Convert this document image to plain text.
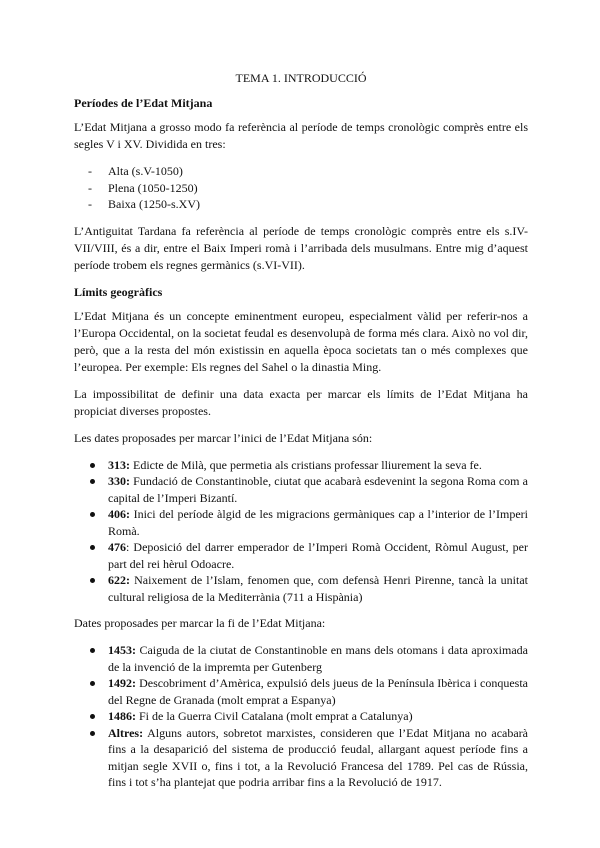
TEMA 1. INTRODUCCIÓ
Períodes de l’Edat Mitjana

L’Edat Mitjana a grosso modo fa referència al període de temps cronològic comprès entre els segles V i XV. Dividida en tres:

- Alta (s.V-1050)
- Plena (1050-1250)
- Baixa (1250-s.XV)

L’Antiguitat Tardana fa referència al període de temps cronològic comprès entre els s.IV-VII/VIII, és a dir, entre el Baix Imperi romà i l’arribada dels musulmans. Entre mig d’aquest període trobem els regnes germànics (s.VI-VII).

Límits geogràfics

L’Edat Mitjana és un concepte eminentment europeu, especialment vàlid per referir-nos a l’Europa Occidental, on la societat feudal es desenvolupà de forma més clara. Això no vol dir, però, que a la resta del món existissin en aquella època societats tan o més complexes que l’europea. Per exemple: Els regnes del Sahel o la dinastia Ming.

La impossibilitat de definir una data exacta per marcar els límits de l’Edat Mitjana ha propiciat diverses propostes.

Les dates proposades per marcar l’inici de l’Edat Mitjana són:

313: Edicte de Milà, que permetia als cristians professar lliurement la seva fe.
330: Fundació de Constantinoble, ciutat que acabarà esdevenint la segona Roma com a capital de l’Imperi Bizantí.
406: Inici del període àlgid de les migracions germàniques cap a l’interior de l’Imperi Romà.
476: Deposició del darrer emperador de l’Imperi Romà Occident, Ròmul August, per part del rei hèrul Odoacre.
622: Naixement de l’Islam, fenomen que, com defensà Henri Pirenne, tancà la unitat cultural religiosa de la Mediterrània (711 a Hispània)

Dates proposades per marcar la fi de l’Edat Mitjana:

1453: Caiguda de la ciutat de Constantinoble en mans dels otomans i data aproximada de la invenció de la impremta per Gutenberg
1492: Descobriment d’Amèrica, expulsió dels jueus de la Península Ibèrica i conquesta del Regne de Granada (molt emprat a Espanya)
1486: Fi de la Guerra Civil Catalana (molt emprat a Catalunya)
Altres: Alguns autors, sobretot marxistes, consideren que l’Edat Mitjana no acabarà fins a la desaparició del sistema de producció feudal, allargant aquest període fins a mitjan segle XVII o, fins i tot, a la Revolució Francesa del 1789. Pel cas de Rússia, fins i tot s’ha plantejat que podria arribar fins a la Revolució de 1917.
